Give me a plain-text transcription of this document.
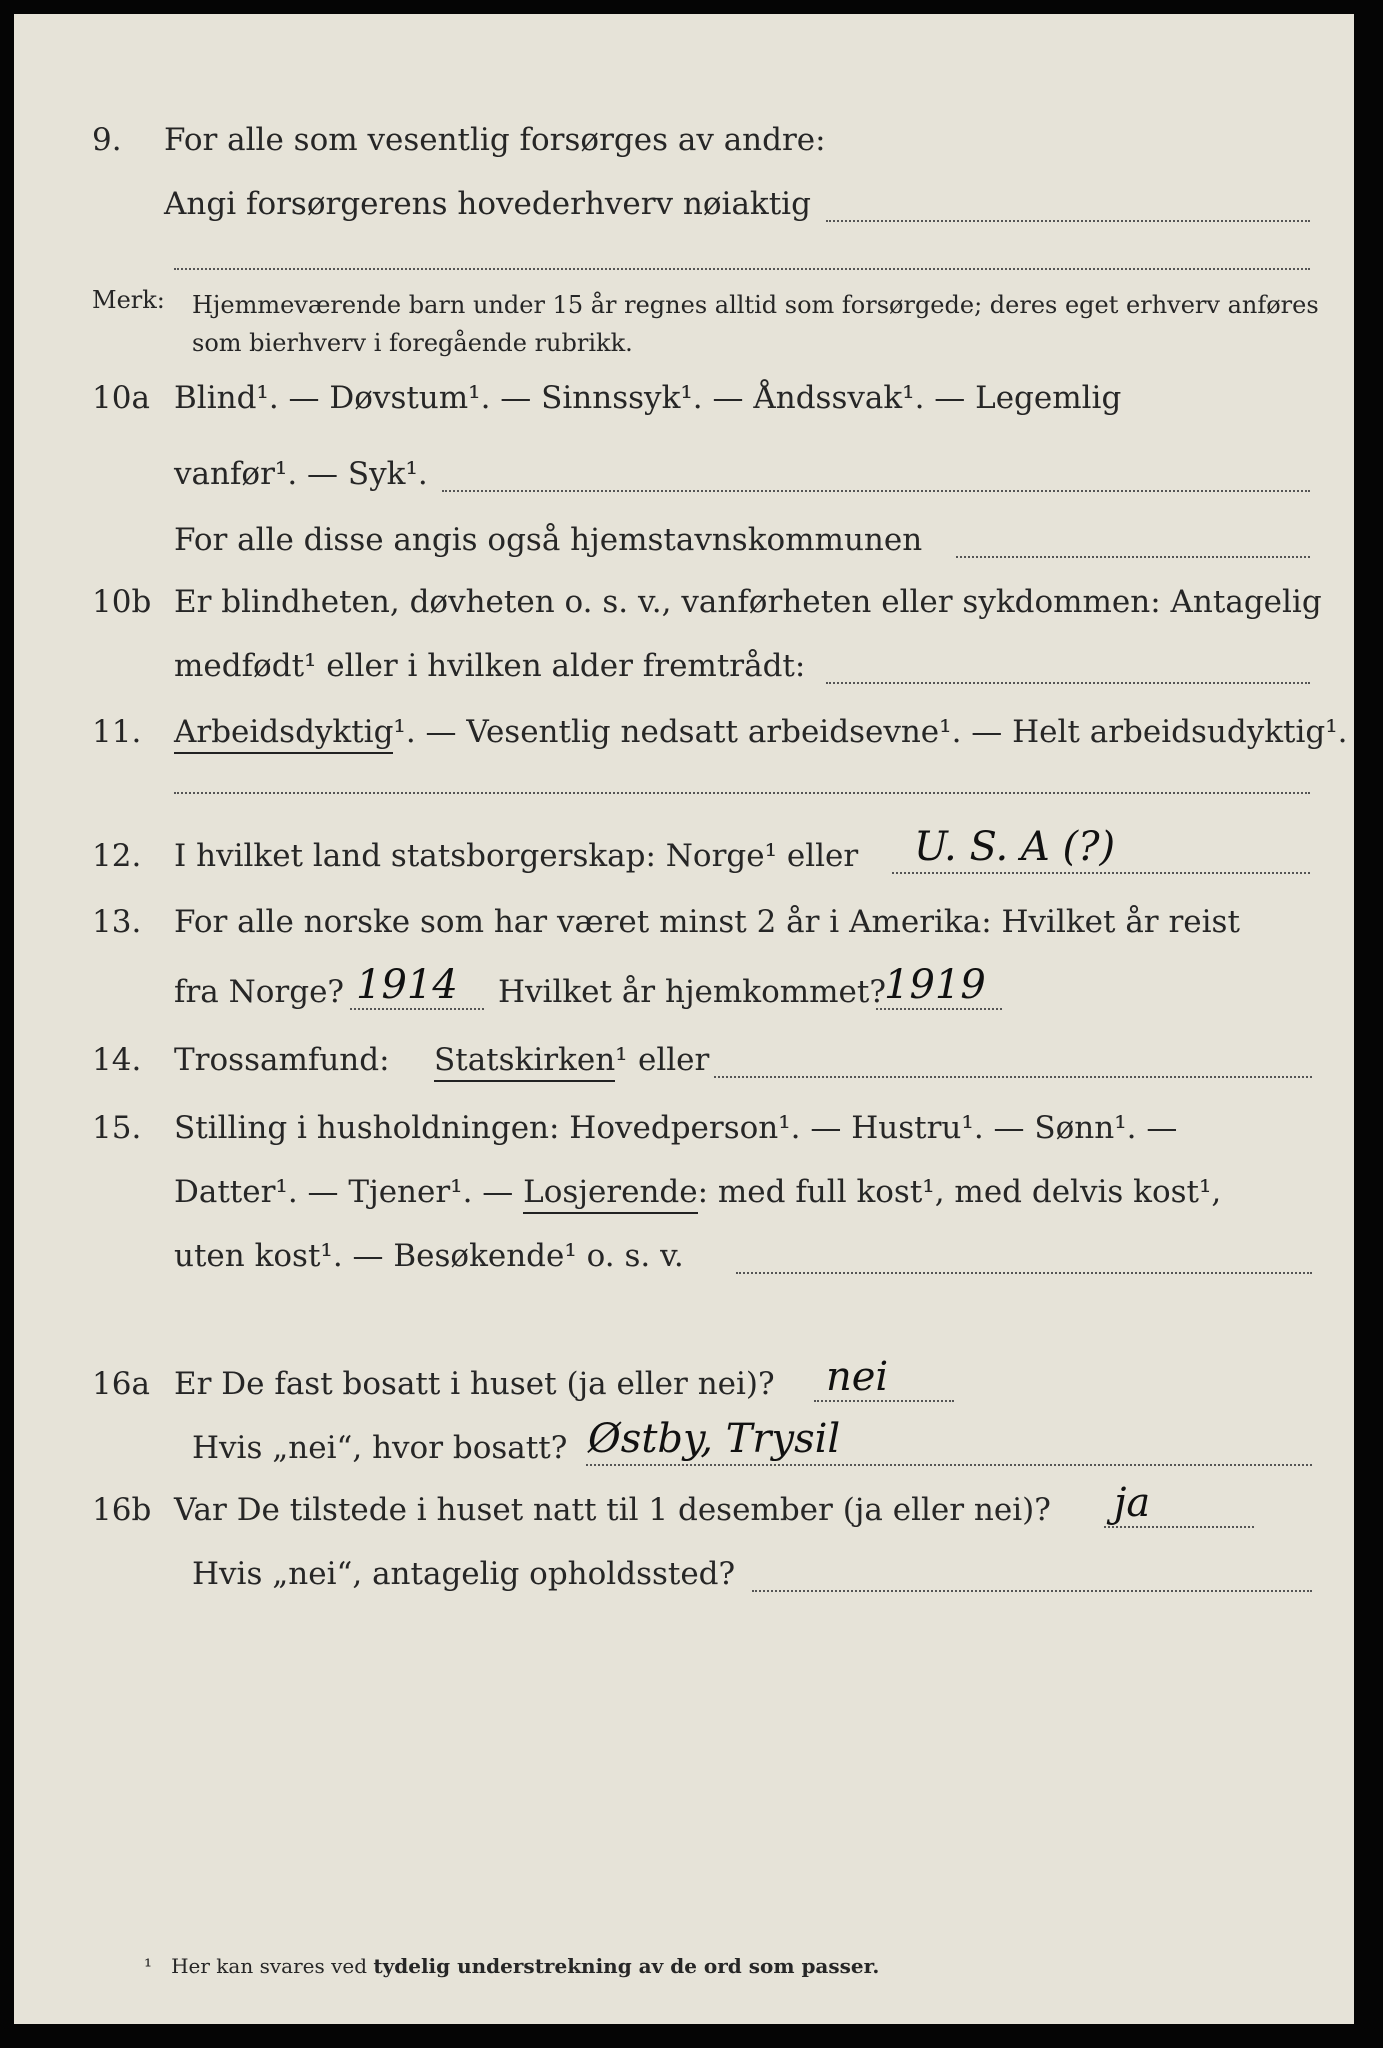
9. For alle som vesentlig forsørges av andre:
Angi forsørgerens hovederhverv nøiaktig
Merk: Hjemmeværende barn under 15 år regnes alltid som forsørgede; deres eget erhverv anføres som bierhverv i foregående rubrikk.
10a Blind¹. — Døvstum¹. — Sinnssyk¹. — Åndssvak¹. — Legemlig
vanfør¹. — Syk¹.
For alle disse angis også hjemstavnskommunen
10b Er blindheten, døvheten o. s. v., vanførheten eller sykdommen: Antagelig
medfødt¹ eller i hvilken alder fremtrådt:
11. Arbeidsdyktig¹. — Vesentlig nedsatt arbeidsevne¹. — Helt arbeidsudyktig¹.
12. I hvilket land statsborgerskap: Norge¹ eller U. S. A (?)
13. For alle norske som har været minst 2 år i Amerika: Hvilket år reist
fra Norge? 1914 Hvilket år hjemkommet?
1919
14. Trossamfund: Statskirken¹ eller
15. Stilling i husholdningen: Hovedperson¹. — Hustru¹. — Sønn¹. —
Datter¹. — Tjener¹. — Losjerende: med full kost¹, med delvis kost¹,
uten kost¹. — Besøkende¹ o. s. v.
16a Er De fast bosatt i huset (ja eller nei)? nei
Hvis „nei“, hvor bosatt? Østby, Trysil
16b Var De tilstede i huset natt til 1 desember (ja eller nei)? ja
Hvis „nei“, antagelig opholdssted?
¹ Her kan svares ved tydelig understrekning av de ord som passer.
